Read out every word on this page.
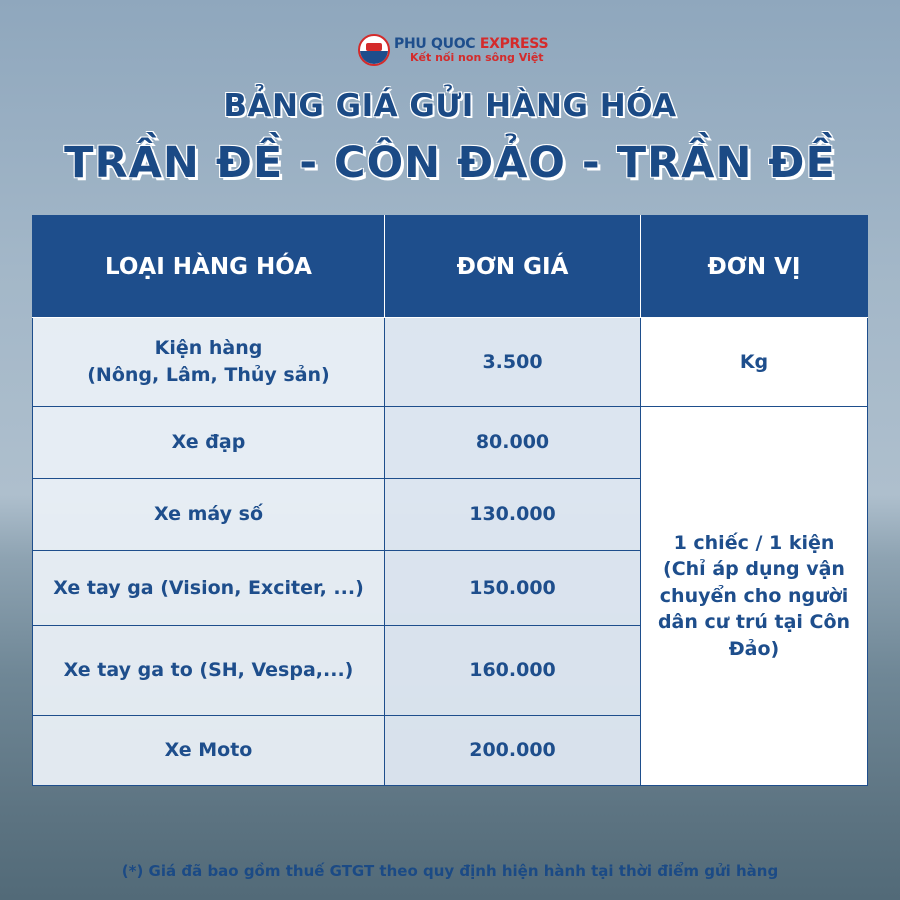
PHU QUOC EXPRESS
Kết nối non sông Việt
BẢNG GIÁ GỬI HÀNG HÓA
TRẦN ĐỀ - CÔN ĐẢO - TRẦN ĐỀ
LOẠI HÀNG HÓA	ĐƠN GIÁ	ĐƠN VỊ
Kiện hàng
(Nông, Lâm, Thủy sản)	3.500	Kg
Xe đạp	80.000	1 chiếc / 1 kiện
(Chỉ áp dụng vận
chuyển cho người
dân cư trú tại Côn
Đảo)
Xe máy số	130.000	
Xe tay ga (Vision, Exciter, ...)	150.000	
Xe tay ga to (SH, Vespa,...)	160.000	
Xe Moto	200.000	
(*) Giá đã bao gồm thuế GTGT theo quy định hiện hành tại thời điểm gửi hàng
